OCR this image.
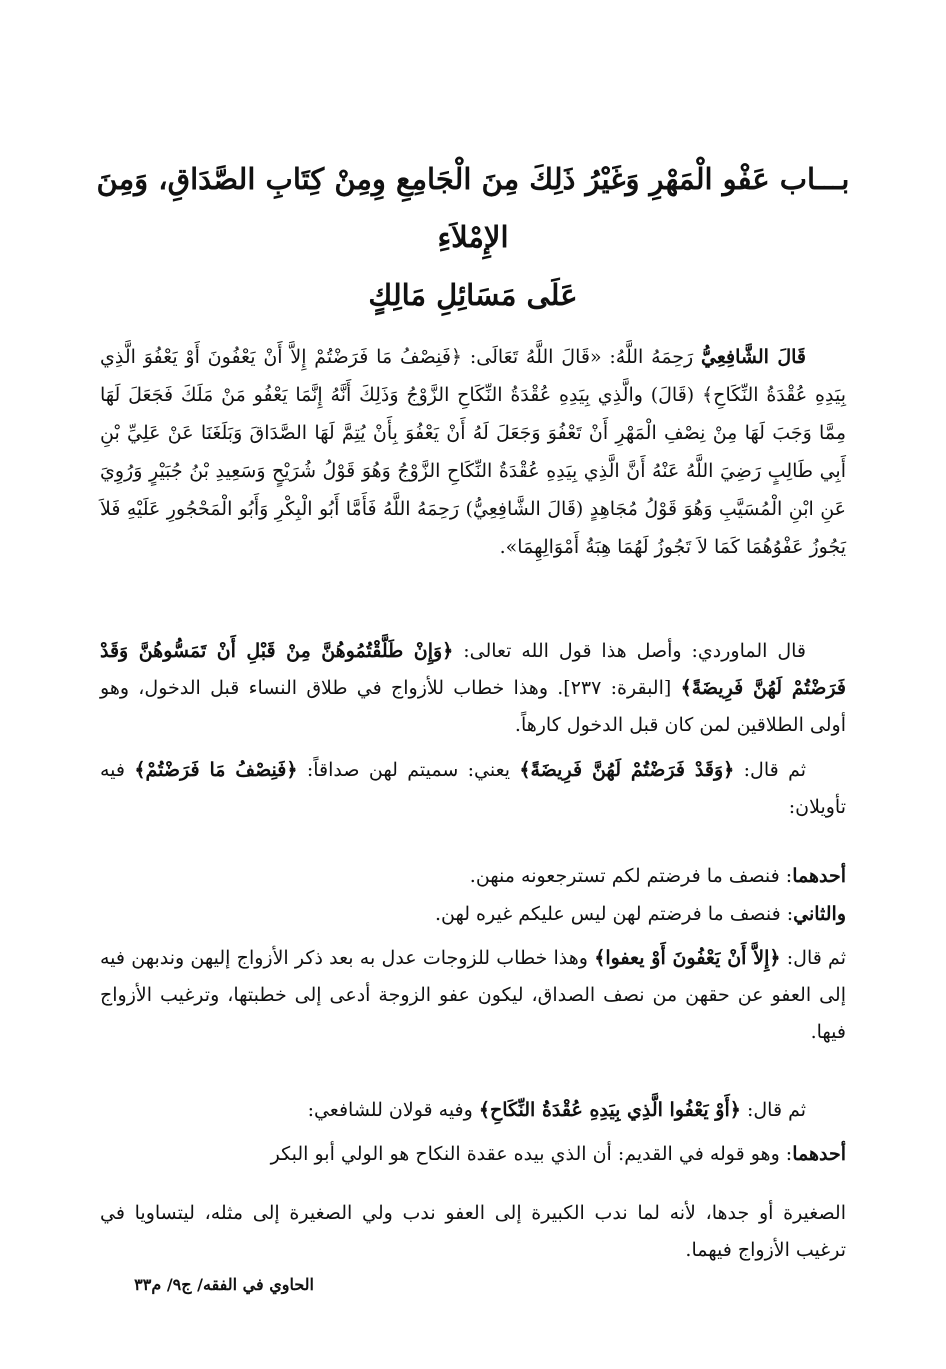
بـــاب عَفْو الْمَهْرِ وَغَيْرُ ذَلِكَ مِنَ الْجَامِعِ وِمِنْ كِتَابِ الصَّدَاقِ، وَمِنَ الإِمْلاَءِ
عَلَى مَسَائِلِ مَالِكٍ

قَالَ الشَّافِعِيُّ رَحِمَهُ اللَّهُ: «قَالَ اللَّهُ تَعَالَى: ﴿فَنِصْفُ مَا فَرَضْتُمْ إِلاَّ أَنْ يَعْفُونَ أَوْ يَعْفُوَ الَّذِي بِيَدِهِ عُقْدَةُ النِّكَاحِ﴾ (قَالَ) والَّذِي بِيَدِهِ عُقْدَةُ النِّكَاحِ الزَّوْجُ وَذَلِكَ أَنَّهُ إِنَّمَا يَعْفُو مَنْ مَلَكَ فَجَعَلَ لَهَا مِمَّا وَجَبَ لَهَا مِنْ نِصْفِ الْمَهْرِ أَنْ تَعْفُوَ وَجَعَلَ لَهُ أَنْ يَعْفُوَ بِأَنْ يُتِمَّ لَهَا الصَّدَاقَ وَبَلَغَنَا عَنْ عَلِيِّ بْنِ أَبِي طَالِبٍ رَضِيَ اللَّهُ عَنْهُ أَنَّ الَّذِي بِيَدِهِ عُقْدَةُ النِّكَاحِ الزَّوْجُ وَهُوَ قَوْلُ شُرَيْحٍ وَسَعِيدِ بْنُ جُبَيْرٍ وَرُوِيَ عَنِ ابْنِ الْمُسَيَّبِ وَهُوَ قَوْلُ مُجَاهِدٍ (قَالَ الشَّافِعِيُّ) رَحِمَهُ اللَّهُ فَأَمَّا أَبُو الْبِكْرِ وَأَبُو الْمَحْجُورِ عَلَيْهِ فَلاَ يَجُوزُ عَفْوُهُمَا كَمَا لاَ تَجُوزُ لَهُمَا هِبَةُ أَمْوَالِهِمَا».

قال الماوردي: وأصل هذا قول الله تعالى: ﴿وَإِنْ طَلَّقْتُمُوهُنَّ مِنْ قَبْلِ أَنْ تَمَسُّوهُنَّ وَقَدْ فَرَضْتُمْ لَهُنَّ فَرِيضَةً﴾ [البقرة: ٢٣٧]. وهذا خطاب للأزواج في طلاق النساء قبل الدخول، وهو أولى الطلاقين لمن كان قبل الدخول كارهاً.

ثم قال: ﴿وَقَدْ فَرَضْتُمْ لَهُنَّ فَرِيضَةً﴾ يعني: سميتم لهن صداقاً: ﴿فَنِصْفُ مَا فَرَضْتُمْ﴾ فيه تأويلان:

أحدهما: فنصف ما فرضتم لكم تسترجعونه منهن.

والثاني: فنصف ما فرضتم لهن ليس عليكم غيره لهن.

ثم قال: ﴿إِلاَّ أَنْ يَعْفُونَ أَوْ يعفوا﴾ وهذا خطاب للزوجات عدل به بعد ذكر الأزواج إليهن وندبهن فيه إلى العفو عن حقهن من نصف الصداق، ليكون عفو الزوجة أدعى إلى خطبتها، وترغيب الأزواج فيها.

ثم قال: ﴿أَوْ يَعْفُوا الَّذِي بِيَدِهِ عُقْدَةُ النِّكَاحِ﴾ وفيه قولان للشافعي:

أحدهما: وهو قوله في القديم: أن الذي بيده عقدة النكاح هو الولي أبو البكر

الصغيرة أو جدها، لأنه لما ندب الكبيرة إلى العفو ندب ولي الصغيرة إلى مثله، ليتساويا في ترغيب الأزواج فيهما.

الحاوي في الفقه/ ج٩/ م٣٣
